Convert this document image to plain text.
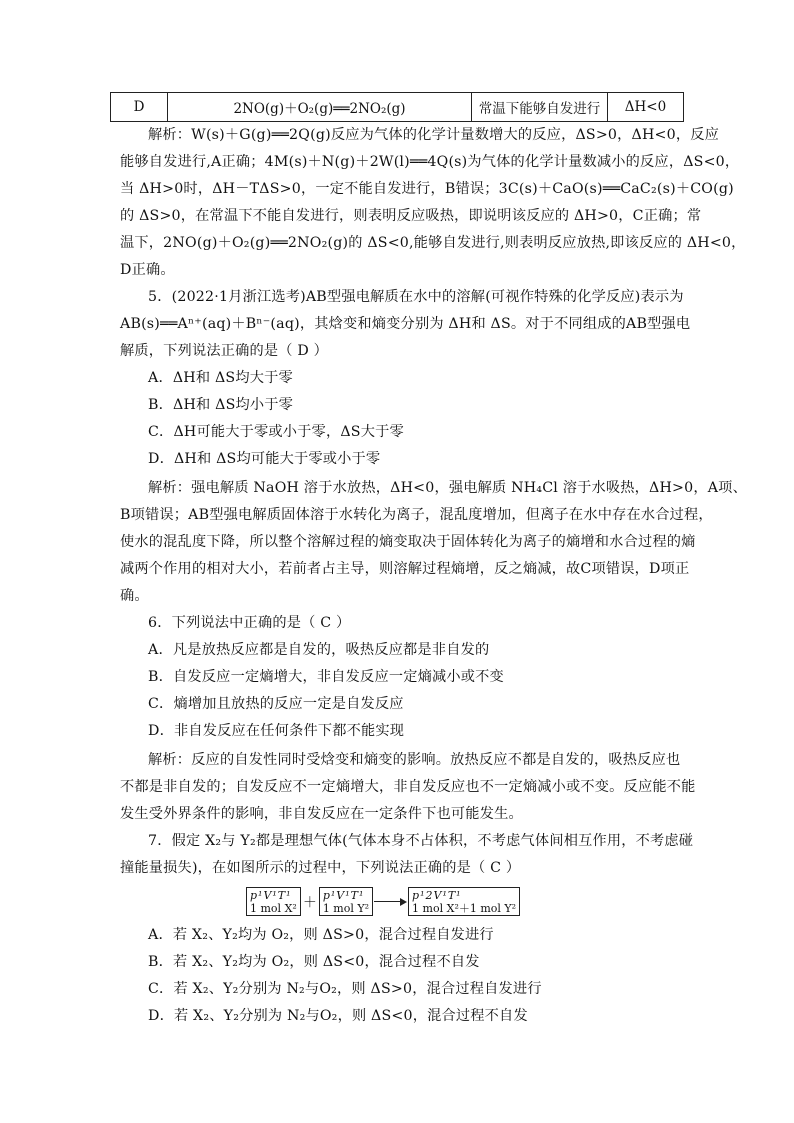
D	2NO(g)＋O₂(g)══2NO₂(g)	常温下能够自发进行	ΔH<0
解析：W(s)＋G(g)══2Q(g)反应为气体的化学计量数增大的反应，ΔS>0，ΔH<0，反应
能够自发进行,A正确；4M(s)＋N(g)＋2W(l)══4Q(s)为气体的化学计量数减小的反应，ΔS<0，
当 ΔH>0时，ΔH－TΔS>0，一定不能自发进行，B错误；3C(s)＋CaO(s)══CaC₂(s)＋CO(g)
的 ΔS>0，在常温下不能自发进行，则表明反应吸热，即说明该反应的 ΔH>0，C正确；常
温下，2NO(g)＋O₂(g)══2NO₂(g)的 ΔS<0,能够自发进行,则表明反应放热,即该反应的 ΔH<0，
D正确。
5．(2022·1月浙江选考)AB型强电解质在水中的溶解(可视作特殊的化学反应)表示为
AB(s)══Aⁿ⁺(aq)＋Bⁿ⁻(aq)，其焓变和熵变分别为 ΔH和 ΔS。对于不同组成的AB型强电
解质，下列说法正确的是（ D ）
A．ΔH和 ΔS均大于零
B．ΔH和 ΔS均小于零
C．ΔH可能大于零或小于零，ΔS大于零
D．ΔH和 ΔS均可能大于零或小于零
解析：强电解质 NaOH 溶于水放热，ΔH<0，强电解质 NH₄Cl 溶于水吸热，ΔH>0，A项、
B项错误；AB型强电解质固体溶于水转化为离子，混乱度增加，但离子在水中存在水合过程，
使水的混乱度下降，所以整个溶解过程的熵变取决于固体转化为离子的熵增和水合过程的熵
减两个作用的相对大小，若前者占主导，则溶解过程熵增，反之熵减，故C项错误，D项正
确。
6．下列说法中正确的是（ C ）
A．凡是放热反应都是自发的，吸热反应都是非自发的
B．自发反应一定熵增大，非自发反应一定熵减小或不变
C．熵增加且放热的反应一定是自发反应
D．非自发反应在任何条件下都不能实现
解析：反应的自发性同时受焓变和熵变的影响。放热反应不都是自发的，吸热反应也
不都是非自发的；自发反应不一定熵增大，非自发反应也不一定熵减小或不变。反应能不能
发生受外界条件的影响，非自发反应在一定条件下也可能发生。
7．假定 X₂与 Y₂都是理想气体(气体本身不占体积，不考虑气体间相互作用，不考虑碰
撞能量损失)，在如图所示的过程中，下列说法正确的是（ C ）
p¹V¹T¹
1 mol X² ＋ p¹V¹T¹
1 mol Y²
p¹2V¹T¹
1 mol X²＋1 mol Y²
A．若 X₂、Y₂均为 O₂，则 ΔS>0，混合过程自发进行
B．若 X₂、Y₂均为 O₂，则 ΔS<0，混合过程不自发
C．若 X₂、Y₂分别为 N₂与O₂，则 ΔS>0，混合过程自发进行
D．若 X₂、Y₂分别为 N₂与O₂，则 ΔS<0，混合过程不自发
